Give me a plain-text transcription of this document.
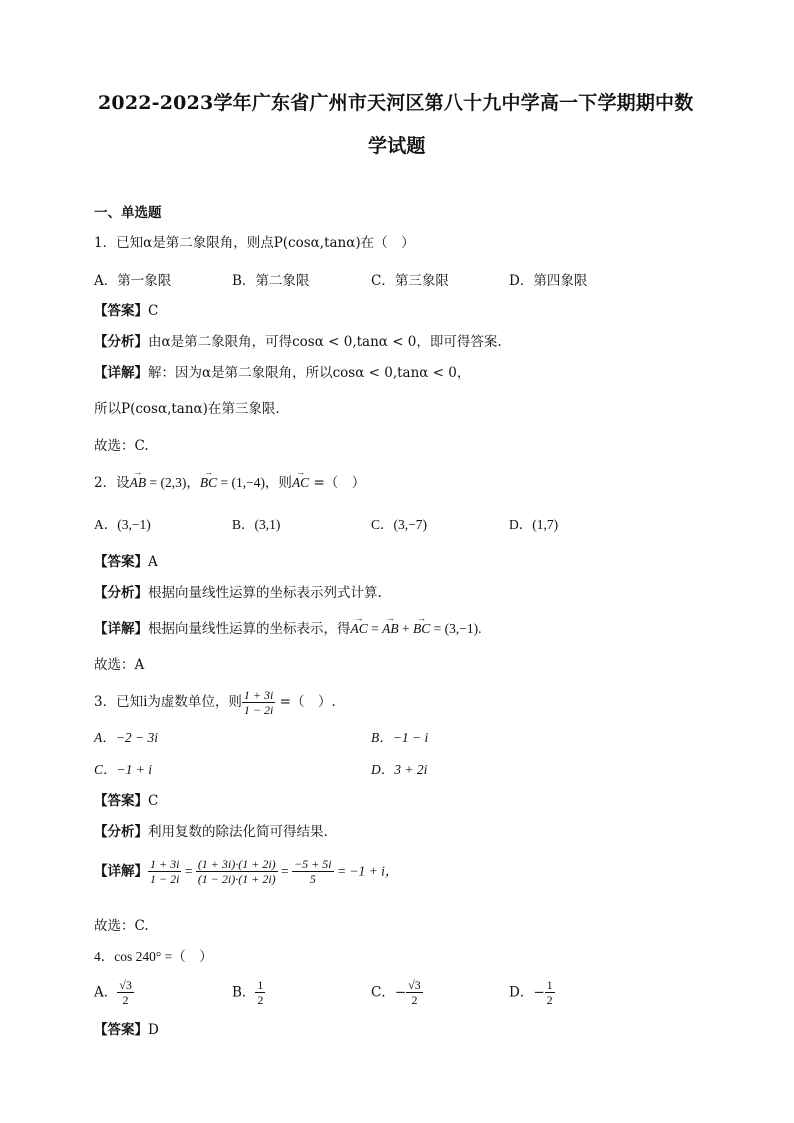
2022-2023学年广东省广州市天河区第八十九中学高一下学期期中数
学试题
一、单选题
1．已知α是第二象限角，则点P(cosα,tanα)在（　）
A．第一象限	B．第二象限	C．第三象限	D．第四象限
【答案】C
【分析】由α是第二象限角，可得cosα < 0,tanα < 0，即可得答案.
【详解】解：因为α是第二象限角，所以cosα < 0,tanα < 0，
所以P(cosα,tanα)在第三象限.
故选：C.
2．设→ AB = (2,3)，→ BC = (1,−4)，则→ AC =（　）
A．(3,−1)	B．(3,1)	C．(3,−7)	D．(1,7)
【答案】A
【分析】根据向量线性运算的坐标表示列式计算.
【详解】根据向量线性运算的坐标表示，得→ AC = → AB + → BC = (3,−1).
故选：A
3．已知i为虚数单位，则 $\frac{1 + 3i}{1 - 2i}$ =（　）.
A．−2 − 3i	B．−1 − i
C．−1 + i	D．3 + 2i
【答案】C
【分析】利用复数的除法化简可得结果.
【详解】 $\frac{1 + 3i}{1 - 2i} = \frac{(1 + 3i)\cdot(1 + 2i)}{(1 - 2i)\cdot(1 + 2i)} = \frac{-5 + 5i}{5} = -1 + i$，
故选：C.
4．cos 240° =（　）
A． $\frac{√3}{2}$	B． $\frac{1}{2}$	C．− $\frac{√3}{2}$	D．− $\frac{1}{2}$
【答案】D
